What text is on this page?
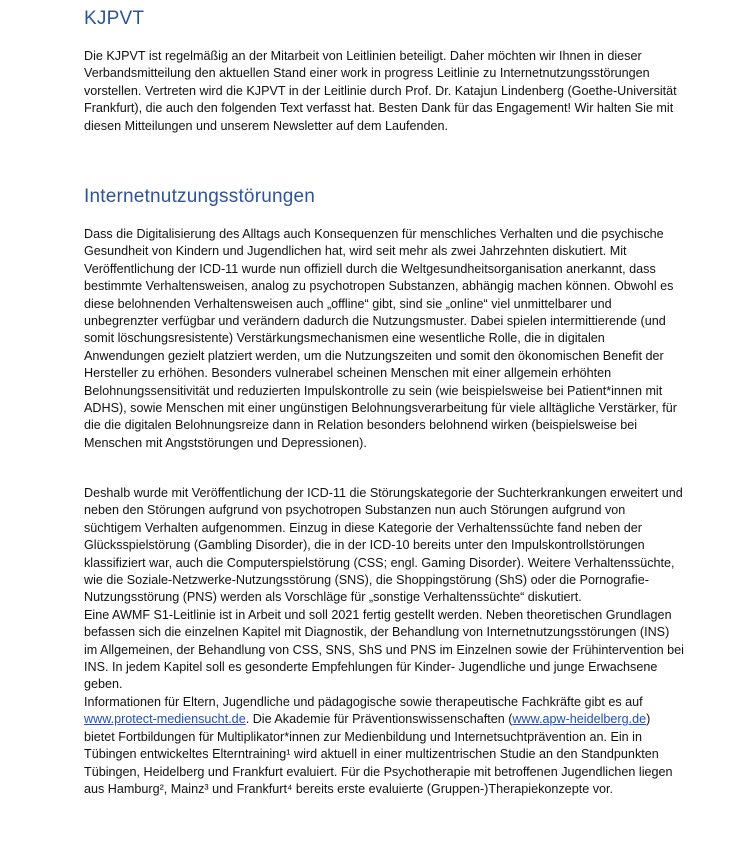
KJPVT

Die KJPVT ist regelmäßig an der Mitarbeit von Leitlinien beteiligt. Daher möchten wir Ihnen in dieser Verbandsmitteilung den aktuellen Stand einer work in progress Leitlinie zu Internetnutzungsstörungen vorstellen. Vertreten wird die KJPVT in der Leitlinie durch Prof. Dr. Katajun Lindenberg (Goethe-Universität Frankfurt), die auch den folgenden Text verfasst hat. Besten Dank für das Engagement! Wir halten Sie mit diesen Mitteilungen und unserem Newsletter auf dem Laufenden.

Internetnutzungsstörungen

Dass die Digitalisierung des Alltags auch Konsequenzen für menschliches Verhalten und die psychische Gesundheit von Kindern und Jugendlichen hat, wird seit mehr als zwei Jahrzehnten diskutiert. Mit Veröffentlichung der ICD-11 wurde nun offiziell durch die Weltgesundheitsorganisation anerkannt, dass bestimmte Verhaltensweisen, analog zu psychotropen Substanzen, abhängig machen können. Obwohl es diese belohnenden Verhaltensweisen auch „offline“ gibt, sind sie „online“ viel unmittelbarer und unbegrenzter verfügbar und verändern dadurch die Nutzungsmuster. Dabei spielen intermittierende (und somit löschungsresistente) Verstärkungsmechanismen eine wesentliche Rolle, die in digitalen Anwendungen gezielt platziert werden, um die Nutzungszeiten und somit den ökonomischen Benefit der Hersteller zu erhöhen. Besonders vulnerabel scheinen Menschen mit einer allgemein erhöhten Belohnungssensitivität und reduzierten Impulskontrolle zu sein (wie beispielsweise bei Patient*innen mit ADHS), sowie Menschen mit einer ungünstigen Belohnungsverarbeitung für viele alltägliche Verstärker, für die die digitalen Belohnungsreize dann in Relation besonders belohnend wirken (beispielsweise bei Menschen mit Angststörungen und Depressionen).

Deshalb wurde mit Veröffentlichung der ICD-11 die Störungskategorie der Suchterkrankungen erweitert und neben den Störungen aufgrund von psychotropen Substanzen nun auch Störungen aufgrund von süchtigem Verhalten aufgenommen. Einzug in diese Kategorie der Verhaltenssüchte fand neben der Glücksspielstörung (Gambling Disorder), die in der ICD-10 bereits unter den Impulskontrollstörungen klassifiziert war, auch die Computerspielstörung (CSS; engl. Gaming Disorder). Weitere Verhaltenssüchte, wie die Soziale-Netzwerke-Nutzungsstörung (SNS), die Shoppingstörung (ShS) oder die Pornografie-Nutzungsstörung (PNS) werden als Vorschläge für „sonstige Verhaltenssüchte“ diskutiert.
Eine AWMF S1-Leitlinie ist in Arbeit und soll 2021 fertig gestellt werden. Neben theoretischen Grundlagen befassen sich die einzelnen Kapitel mit Diagnostik, der Behandlung von Internetnutzungsstörungen (INS) im Allgemeinen, der Behandlung von CSS, SNS, ShS und PNS im Einzelnen sowie der Frühintervention bei INS. In jedem Kapitel soll es gesonderte Empfehlungen für Kinder- Jugendliche und junge Erwachsene geben.
Informationen für Eltern, Jugendliche und pädagogische sowie therapeutische Fachkräfte gibt es auf www.protect-mediensucht.de. Die Akademie für Präventionswissenschaften (www.apw-heidelberg.de) bietet Fortbildungen für Multiplikator*innen zur Medienbildung und Internetsuchtprävention an. Ein in Tübingen entwickeltes Elterntraining¹ wird aktuell in einer multizentrischen Studie an den Standpunkten Tübingen, Heidelberg und Frankfurt evaluiert. Für die Psychotherapie mit betroffenen Jugendlichen liegen aus Hamburg², Mainz³ und Frankfurt⁴ bereits erste evaluierte (Gruppen-)Therapiekonzepte vor.
